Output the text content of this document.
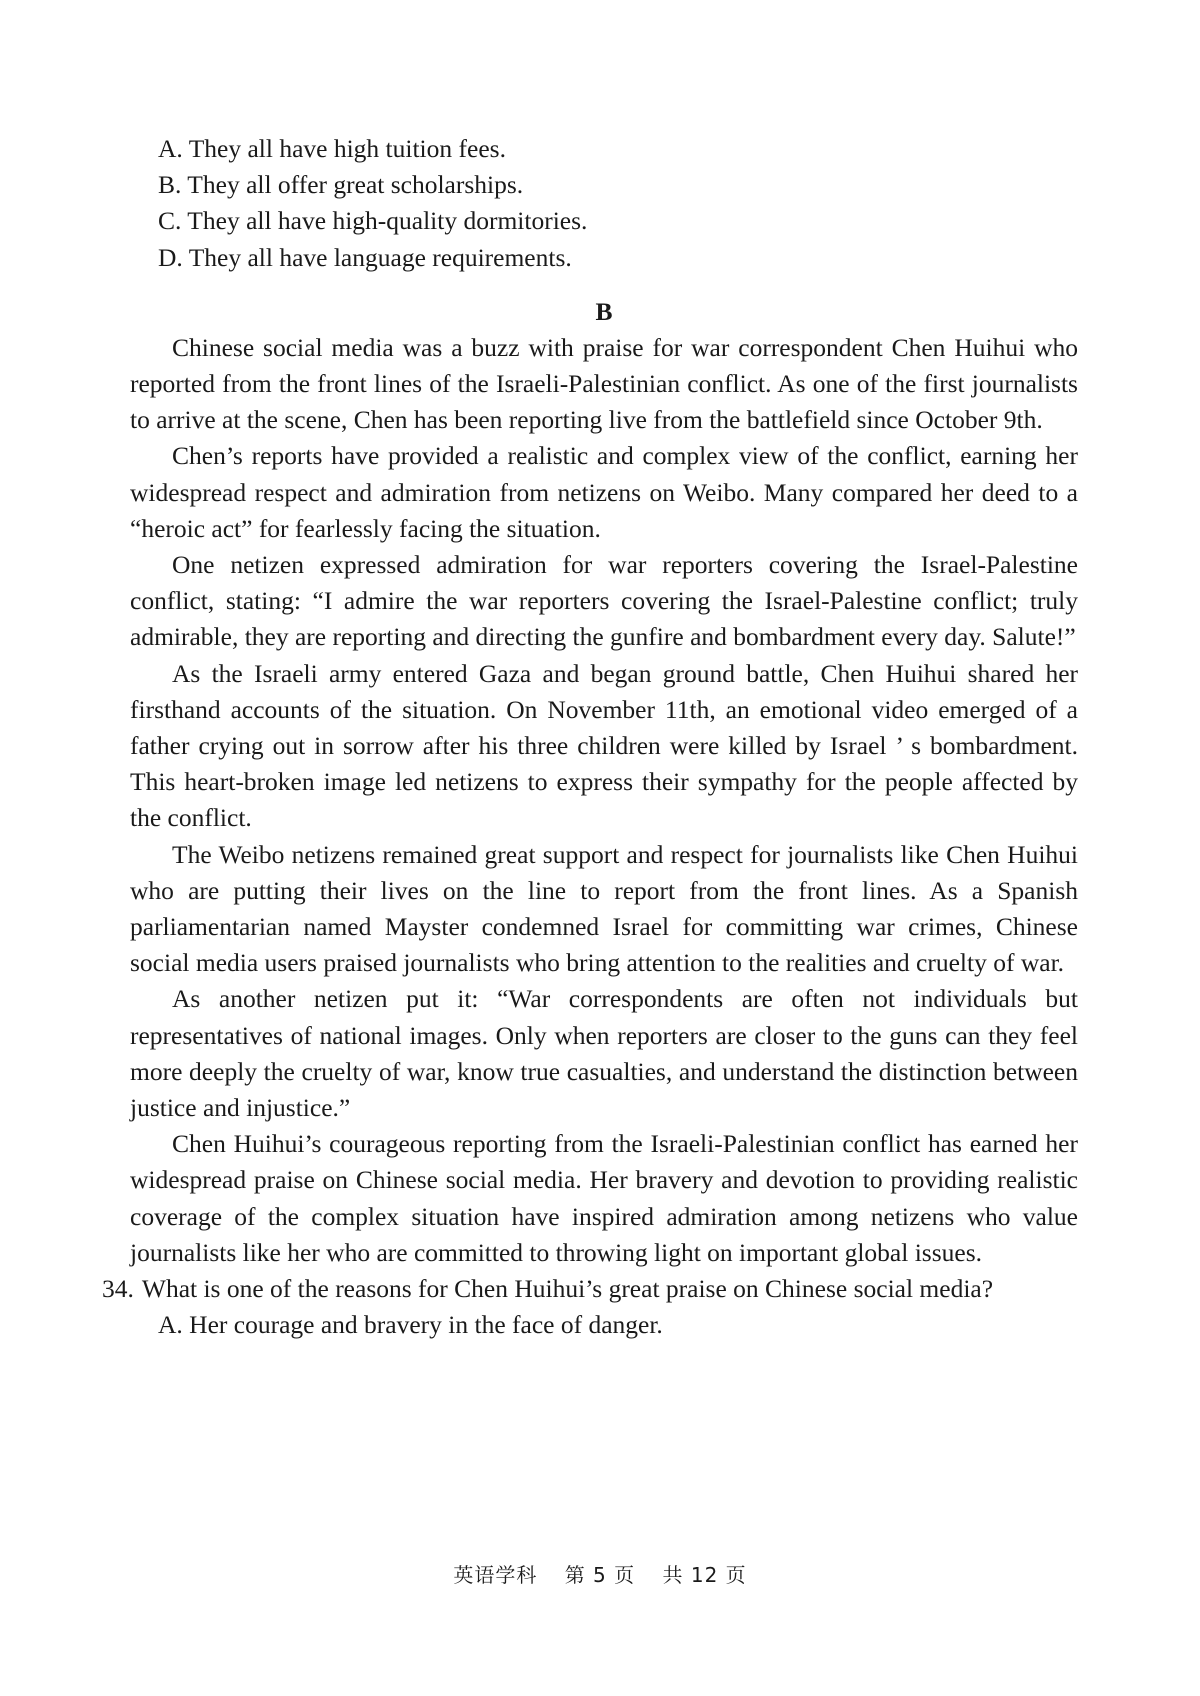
A. They all have high tuition fees.
B. They all offer great scholarships.
C. They all have high-quality dormitories.
D. They all have language requirements.
B

Chinese social media was a buzz with praise for war correspondent Chen Huihui who reported from the front lines of the Israeli-Palestinian conflict. As one of the first journalists to arrive at the scene, Chen has been reporting live from the battlefield since October 9th.

Chen’s reports have provided a realistic and complex view of the conflict, earning her widespread respect and admiration from netizens on Weibo. Many compared her deed to a “heroic act” for fearlessly facing the situation.

One netizen expressed admiration for war reporters covering the Israel-Palestine conflict, stating: “I admire the war reporters covering the Israel-Palestine conflict; truly admirable, they are reporting and directing the gunfire and bombardment every day. Salute!”

As the Israeli army entered Gaza and began ground battle, Chen Huihui shared her firsthand accounts of the situation. On November 11th, an emotional video emerged of a father crying out in sorrow after his three children were killed by Israel ’ s bombardment. This heart-broken image led netizens to express their sympathy for the people affected by the conflict.

The Weibo netizens remained great support and respect for journalists like Chen Huihui who are putting their lives on the line to report from the front lines. As a Spanish parliamentarian named Mayster condemned Israel for committing war crimes, Chinese social media users praised journalists who bring attention to the realities and cruelty of war.

As another netizen put it: “War correspondents are often not individuals but representatives of national images. Only when reporters are closer to the guns can they feel more deeply the cruelty of war, know true casualties, and understand the distinction between justice and injustice.”

Chen Huihui’s courageous reporting from the Israeli-Palestinian conflict has earned her widespread praise on Chinese social media. Her bravery and devotion to providing realistic coverage of the complex situation have inspired admiration among netizens who value journalists like her who are committed to throwing light on important global issues.

34. What is one of the reasons for Chen Huihui’s great praise on Chinese social media?

A. Her courage and bravery in the face of danger.
英语学科 第 5 页 共 12 页
